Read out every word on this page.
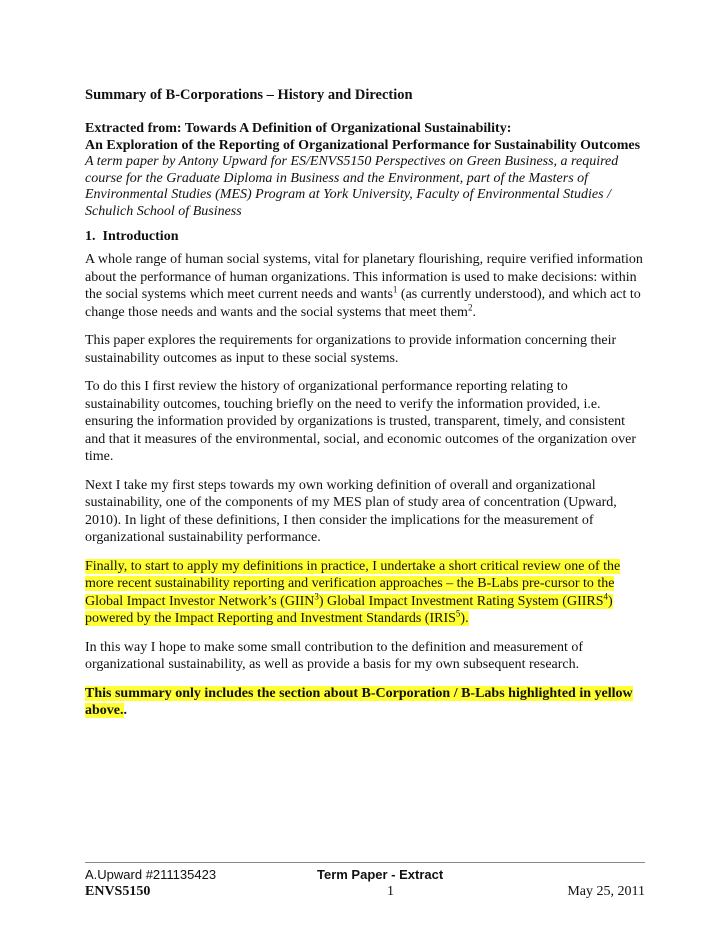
Summary of B-Corporations – History and Direction
Extracted from: Towards A Definition of Organizational Sustainability:
An Exploration of the Reporting of Organizational Performance for Sustainability Outcomes

A term paper by Antony Upward for ES/ENVS5150 Perspectives on Green Business, a required course for the Graduate Diploma in Business and the Environment, part of the Masters of Environmental Studies (MES) Program at York University, Faculty of Environmental Studies / Schulich School of Business
1. Introduction

A whole range of human social systems, vital for planetary flourishing, require verified information about the performance of human organizations. This information is used to make decisions: within the social systems which meet current needs and wants$^1$ (as currently understood), and which act to change those needs and wants and the social systems that meet them$^2$.

This paper explores the requirements for organizations to provide information concerning their sustainability outcomes as input to these social systems.

To do this I first review the history of organizational performance reporting relating to sustainability outcomes, touching briefly on the need to verify the information provided, i.e. ensuring the information provided by organizations is trusted, transparent, timely, and consistent and that it measures of the environmental, social, and economic outcomes of the organization over time.

Next I take my first steps towards my own working definition of overall and organizational sustainability, one of the components of my MES plan of study area of concentration (Upward, 2010). In light of these definitions, I then consider the implications for the measurement of organizational sustainability performance.

Finally, to start to apply my definitions in practice, I undertake a short critical review one of the more recent sustainability reporting and verification approaches – the B-Labs pre-cursor to the Global Impact Investor Network’s (GIIN$^3$) Global Impact Investment Rating System (GIIRS$^4$) powered by the Impact Reporting and Investment Standards (IRIS$^5$).

In this way I hope to make some small contribution to the definition and measurement of organizational sustainability, as well as provide a basis for my own subsequent research.

This summary only includes the section about B-Corporation / B-Labs highlighted in yellow above..

A.Upward #211135423	Term Paper - Extract
ENVS5150	1	May 25, 2011
